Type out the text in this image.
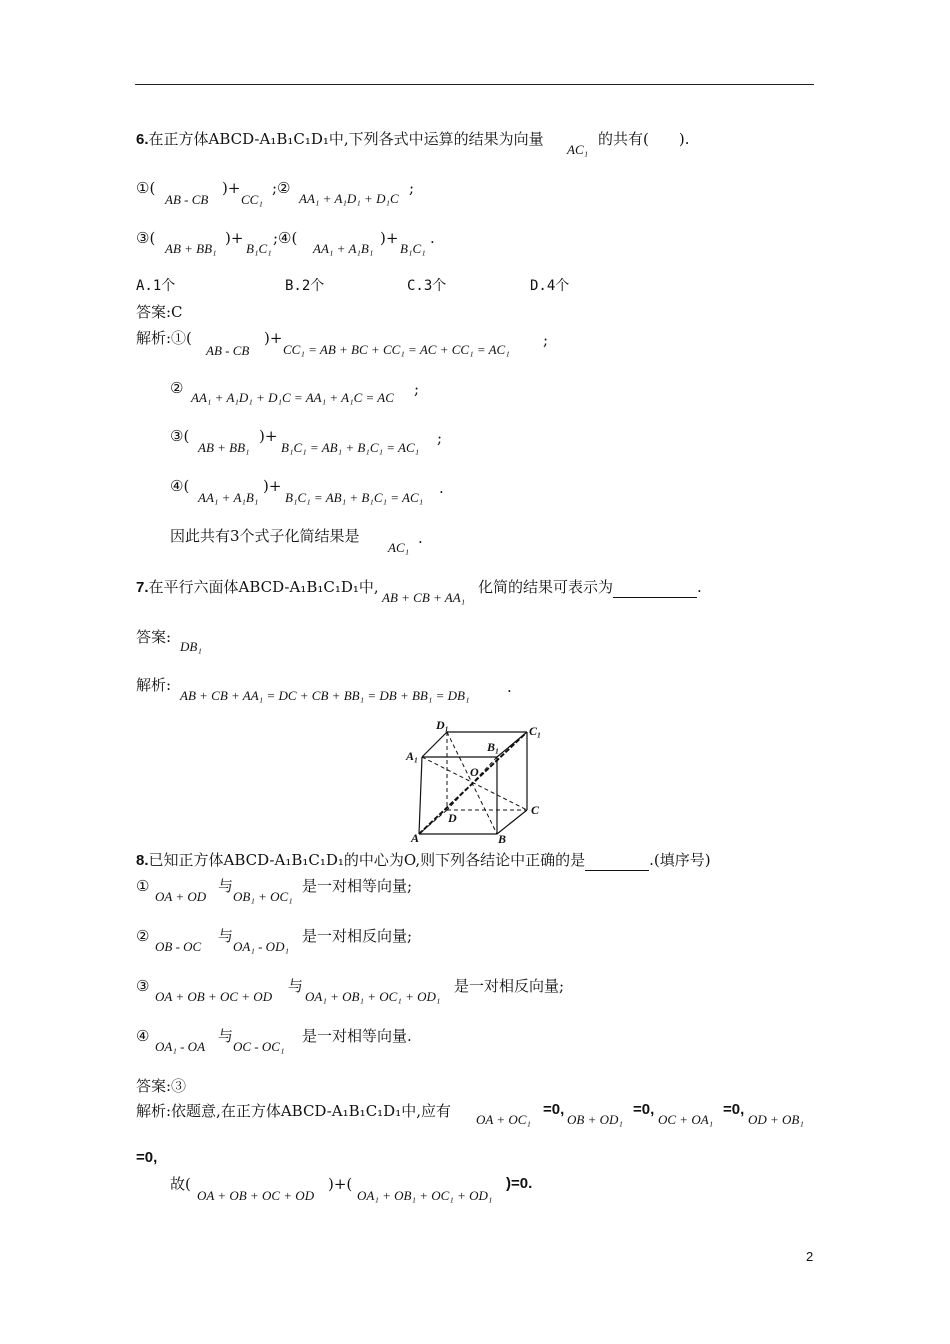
6.在正方体ABCD-A₁B₁C₁D₁中,下列各式中运算的结果为向量
AC₁
的共有(　　).
①(
AB - CB
)+
CC₁
;②
AA₁ + A₁D₁ + D₁C
;
③(
AB + BB₁
)+
B₁C₁
;④(
AA₁ + A₁B₁
)+
B₁C₁
.
A.1个	B.2个	C.3个	D.4个
答案:C
解析:①(
AB - CB
)+
CC₁ = AB + BC + CC₁ = AC + CC₁ = AC₁
;
②
AA₁ + A₁D₁ + D₁C = AA₁ + A₁C = AC ;
③(
AB + BB₁
)+
B₁C₁ = AB₁ + B₁C₁ = AC₁
;
④(
AA₁ + A₁B₁
)+
B₁C₁ = AB₁ + B₁C₁ = AC₁
.
因此共有3个式子化简结果是
AC₁
.
7.在平行六面体ABCD-A₁B₁C₁D₁中,
AB + CB + AA₁
化简的结果可表示为	.
答案:
DB₁
解析:
AB + CB + AA₁ = DC + CB + BB₁ = DB + BB₁ = DB₁	.
D₁	C₁
A₁
B₁
O
D
C
A	B
8.已知正方体ABCD-A₁B₁C₁D₁的中心为O,则下列各结论中正确的是	.(填序号)
①
OA + OD
与
OB₁ + OC₁
是一对相等向量;
②
OB - OC
与
OA₁ - OD₁
是一对相反向量;
③
OA + OB + OC + OD
与
OA₁ + OB₁ + OC₁ + OD₁
是一对相反向量;
④
OA₁ - OA
与
OC - OC₁
是一对相等向量.
答案:③
解析:依题意,在正方体ABCD-A₁B₁C₁D₁中,应有 OA + OC₁
=0,
OB + OD₁
=0,
OC + OA₁
=0,
OD + OB₁
=0,
故(
OA + OB + OC + OD
)+(
OA₁ + OB₁ + OC₁ + OD₁
)=0.
2
